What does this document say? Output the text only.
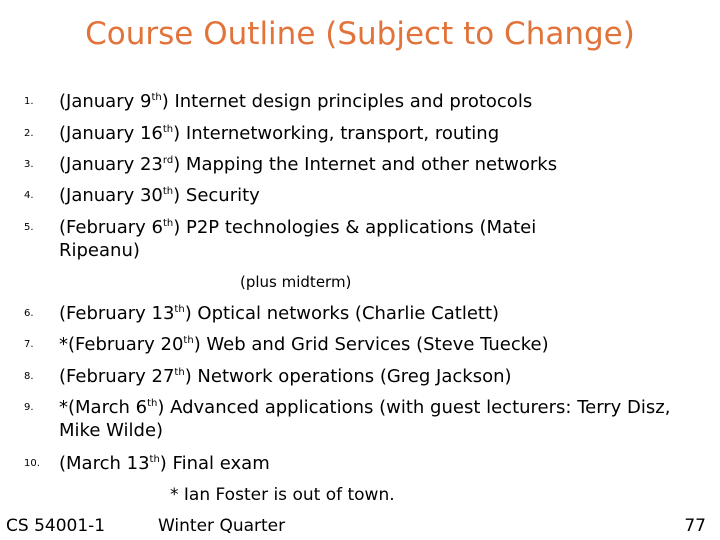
Course Outline (Subject to Change)
1.	(January 9th) Internet design principles and protocols
2.	(January 16th) Internetworking, transport, routing
3.	(January 23rd) Mapping the Internet and other networks
4.	(January 30th) Security
5.	(February 6th) P2P technologies & applications (Matei Ripeanu)
(plus midterm)
6.	(February 13th) Optical networks (Charlie Catlett)
7.	*(February 20th) Web and Grid Services (Steve Tuecke)
8.	(February 27th) Network operations (Greg Jackson)
9.	*(March 6th) Advanced applications (with guest lecturers: Terry Disz, Mike Wilde)
10.	(March 13th) Final exam
* Ian Foster is out of town.
CS 54001-1	Winter Quarter	77
